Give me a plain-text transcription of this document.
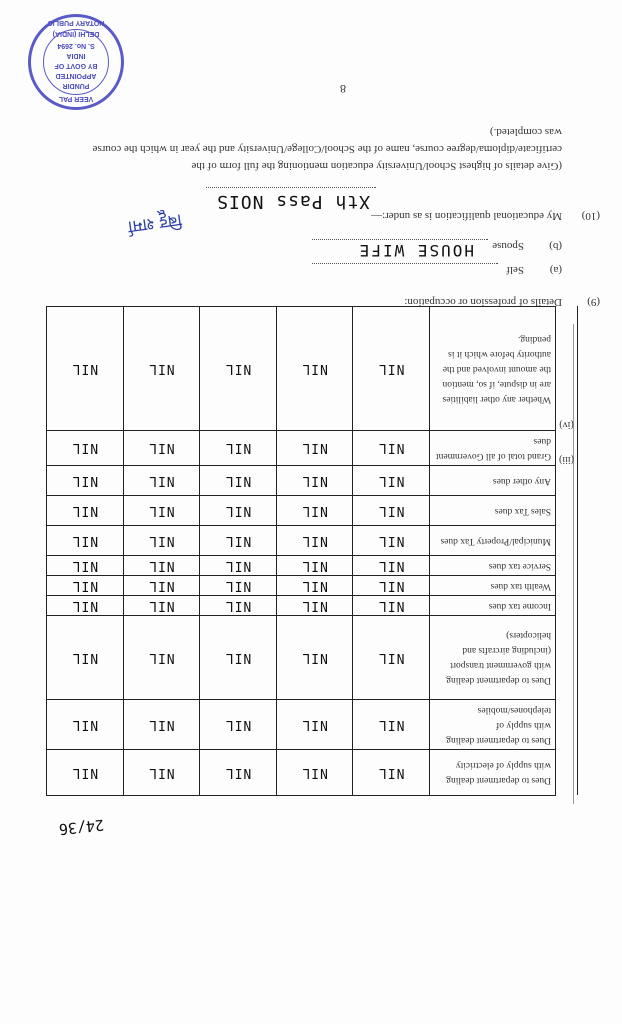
24/36
	Dues to department dealing with supply of electricity	NIL	NIL	NIL	NIL	NIL
	Dues to department dealing with supply of telephones/mobiles	NIL	NIL	NIL	NIL	NIL
	Dues to department dealing with government transport (including aircrafts and helicopters)	NIL	NIL	NIL	NIL	NIL
	Income tax dues	NIL	NIL	NIL	NIL	NIL
	Wealth tax dues	NIL	NIL	NIL	NIL	NIL
	Service tax dues	NIL	NIL	NIL	NIL	NIL
	Municipal/Property Tax dues	NIL	NIL	NIL	NIL	NIL
	Sales Tax dues	NIL	NIL	NIL	NIL	NIL
	Any other dues	NIL	NIL	NIL	NIL	NIL
(iii)	Grand total of all Government dues	NIL	NIL	NIL	NIL	NIL
(iv)	Whether any other liabilities are in dispute, if so, mention the amount involved and the authority before which it is pending.	NIL	NIL	NIL	NIL	NIL
(9)
Details of profession or occupation:
(a)
Self
(b)
Spouse
HOUSE WIFE
(10)
My educational qualification is as under:—
Xth Pass NOIS
बिट्टू शर्मा
(Give details of highest School/University education mentioning the full form of the certificate/diploma/degree course, name of the School/College/University and the year in which the course was completed.)
8
VEER PAL
PUNDIR
APPOINTED
BY GOVT OF
INDIA
S. No. 2694
DELHI (INDIA)
NOTARY PUBLIC
